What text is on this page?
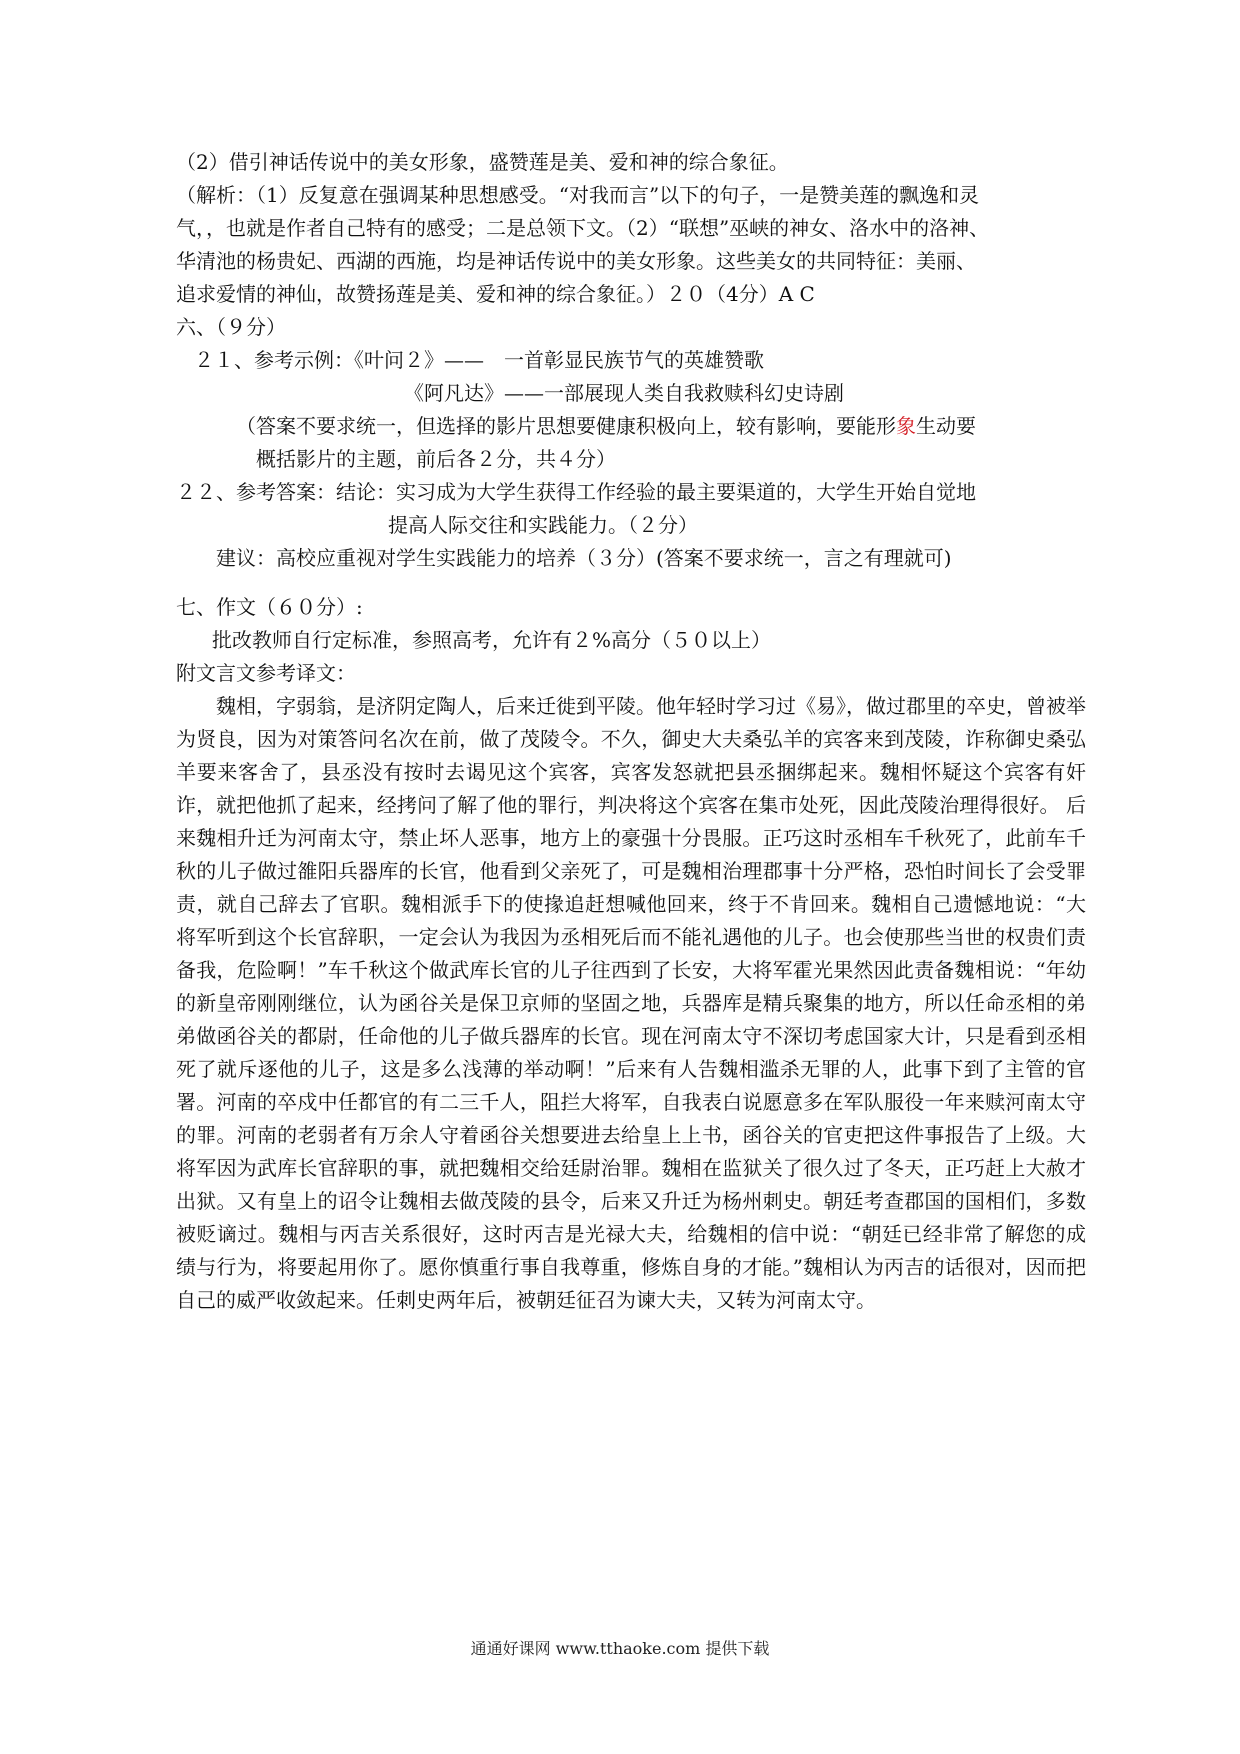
（2）借引神话传说中的美女形象，盛赞莲是美、爱和神的综合象征。
（解析：（1）反复意在强调某种思想感受。“对我而言”以下的句子，一是赞美莲的飘逸和灵
气，，也就是作者自己特有的感受；二是总领下文。（2）“联想”巫峡的神女、洛水中的洛神、
华清池的杨贵妃、西湖的西施，均是神话传说中的美女形象。这些美女的共同特征：美丽、
追求爱情的神仙，故赞扬莲是美、爱和神的综合象征。）２０（4分）A C
六、（９分）
２１、参考示例：《叶问２》——　一首彰显民族节气的英雄赞歌
《阿凡达》——一部展现人类自我救赎科幻史诗剧
（答案不要求统一，但选择的影片思想要健康积极向上，较有影响，要能形象生动要
概括影片的主题，前后各２分，共４分）
２２、参考答案：结论：实习成为大学生获得工作经验的最主要渠道的，大学生开始自觉地
提高人际交往和实践能力。（２分）
建议：高校应重视对学生实践能力的培养（３分）(答案不要求统一，言之有理就可)
七、作文（６０分）:
批改教师自行定标准，参照高考，允许有２%高分（５０以上）
附文言文参考译文：

魏相，字弱翁，是济阴定陶人，后来迁徙到平陵。他年轻时学习过《易》，做过郡里的卒史，曾被举为贤良，因为对策答问名次在前，做了茂陵令。不久，御史大夫桑弘羊的宾客来到茂陵，诈称御史桑弘羊要来客舍了，县丞没有按时去谒见这个宾客，宾客发怒就把县丞捆绑起来。魏相怀疑这个宾客有奸诈，就把他抓了起来，经拷问了解了他的罪行，判决将这个宾客在集市处死，因此茂陵治理得很好。 后来魏相升迁为河南太守，禁止坏人恶事，地方上的豪强十分畏服。正巧这时丞相车千秋死了，此前车千秋的儿子做过雒阳兵器库的长官，他看到父亲死了，可是魏相治理郡事十分严格，恐怕时间长了会受罪责，就自己辞去了官职。魏相派手下的使掾追赶想喊他回来，终于不肯回来。魏相自己遗憾地说：“大将军听到这个长官辞职，一定会认为我因为丞相死后而不能礼遇他的儿子。也会使那些当世的权贵们责备我，危险啊！”车千秋这个做武库长官的儿子往西到了长安，大将军霍光果然因此责备魏相说：“年幼的新皇帝刚刚继位，认为函谷关是保卫京师的坚固之地，兵器库是精兵聚集的地方，所以任命丞相的弟弟做函谷关的都尉，任命他的儿子做兵器库的长官。现在河南太守不深切考虑国家大计，只是看到丞相死了就斥逐他的儿子，这是多么浅薄的举动啊！”后来有人告魏相滥杀无罪的人，此事下到了主管的官署。河南的卒戍中任都官的有二三千人，阻拦大将军，自我表白说愿意多在军队服役一年来赎河南太守的罪。河南的老弱者有万余人守着函谷关想要进去给皇上上书，函谷关的官吏把这件事报告了上级。大将军因为武库长官辞职的事，就把魏相交给廷尉治罪。魏相在监狱关了很久过了冬天，正巧赶上大赦才出狱。又有皇上的诏令让魏相去做茂陵的县令，后来又升迁为杨州刺史。朝廷考查郡国的国相们，多数被贬谪过。魏相与丙吉关系很好，这时丙吉是光禄大夫，给魏相的信中说：“朝廷已经非常了解您的成绩与行为，将要起用你了。愿你慎重行事自我尊重，修炼自身的才能。”魏相认为丙吉的话很对，因而把自己的威严收敛起来。任刺史两年后，被朝廷征召为谏大夫，又转为河南太守。

通通好课网 www.tthaoke.com 提供下载
